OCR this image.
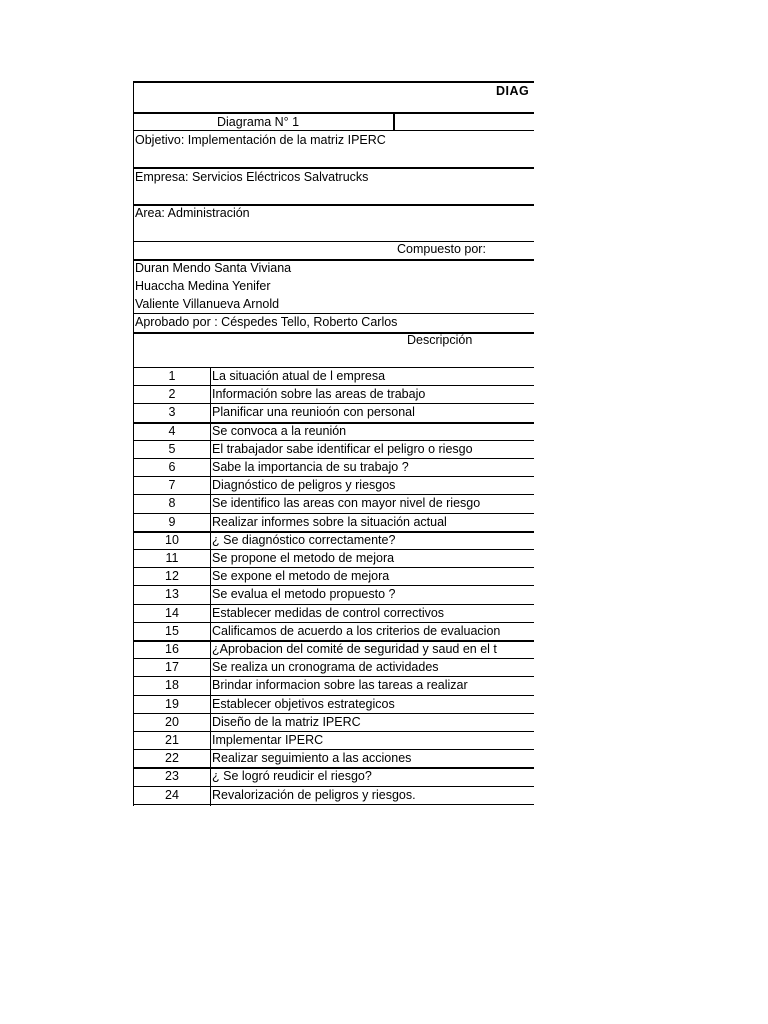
DIAG
Diagrama N° 1
Objetivo: Implementación de la matriz IPERC
Empresa: Servicios Eléctricos Salvatrucks
Area: Administración
Compuesto por:
Duran Mendo Santa Viviana
Huaccha Medina Yenifer
Valiente Villanueva Arnold
Aprobado por : Céspedes Tello, Roberto Carlos
Descripción
1	La situación atual de l empresa
2	Información sobre las areas de trabajo
3	Planificar una reunioón con personal
4	Se convoca a la reunión
5	El trabajador sabe identificar el peligro o riesgo
6	Sabe la importancia de su trabajo ?
7	Diagnóstico de peligros y riesgos
8	Se identifico las areas con mayor nivel de riesgo
9	Realizar informes sobre la situación actual
10	¿ Se diagnóstico correctamente?
11	Se propone el metodo de mejora
12	Se expone el metodo de mejora
13	Se evalua el metodo propuesto ?
14	Establecer medidas de control correctivos
15	Calificamos de acuerdo a los criterios de evaluacion
16	¿Aprobacion del comité de seguridad y saud en el t
17	Se realiza un cronograma de actividades
18	Brindar informacion sobre las tareas a realizar
19	Establecer objetivos estrategicos
20	Diseño de la matriz IPERC
21	Implementar IPERC
22	Realizar seguimiento a las acciones
23	¿ Se logró reudicir el riesgo?
24	Revalorización de peligros y riesgos.
